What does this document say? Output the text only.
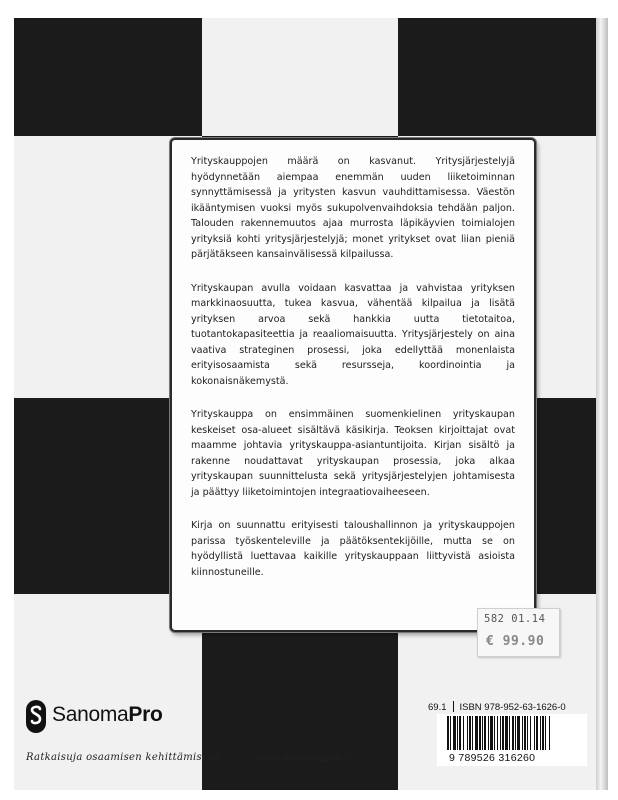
Yrityskauppojen määrä on kasvanut. Yritysjärjestelyjä hyödynnetään aiempaa enemmän uuden liiketoiminnan synnyttämisessä ja yritysten kasvun vauhdittamisessa. Väestön ikääntymisen vuoksi myös sukupolvenvaihdoksia tehdään paljon. Talouden rakennemuutos ajaa murrosta läpikäyvien toimialojen yrityksiä kohti yritysjärjestelyjä; monet yritykset ovat liian pieniä pärjätäkseen kansainvälisessä kilpailussa.

Yrityskaupan avulla voidaan kasvattaa ja vahvistaa yrityksen markkinaosuutta, tukea kasvua, vähentää kilpailua ja lisätä yrityksen arvoa sekä hankkia uutta tietotaitoa, tuotantokapasiteettia ja reaaliomaisuutta. Yritysjärjestely on aina vaativa strateginen prosessi, joka edellyttää monenlaista erityisosaamista sekä resursseja, koordinointia ja kokonaisnäkemystä.

Yrityskauppa on ensimmäinen suomenkielinen yrityskaupan keskeiset osa-alueet sisältävä käsikirja. Teoksen kirjoittajat ovat maamme johtavia yrityskauppa-asiantuntijoita. Kirjan sisältö ja rakenne noudattavat yrityskaupan prosessia, joka alkaa yrityskaupan suunnittelusta sekä yritysjärjestelyjen johtamisesta ja päättyy liiketoimintojen integraatiovaiheeseen.

Kirja on suunnattu erityisesti taloushallinnon ja yrityskauppojen parissa työskenteleville ja päätöksentekijöille, mutta se on hyödyllistä luettavaa kaikille yrityskauppaan liittyvistä asioista kiinnostuneille.

582 01.14
€ 99.90
SanomaPro
Ratkaisuja osaamisen kehittämiseen	www.sanomapro.fi
69.1 ISBN 978-952-63-1626-0
9 789526 316260
